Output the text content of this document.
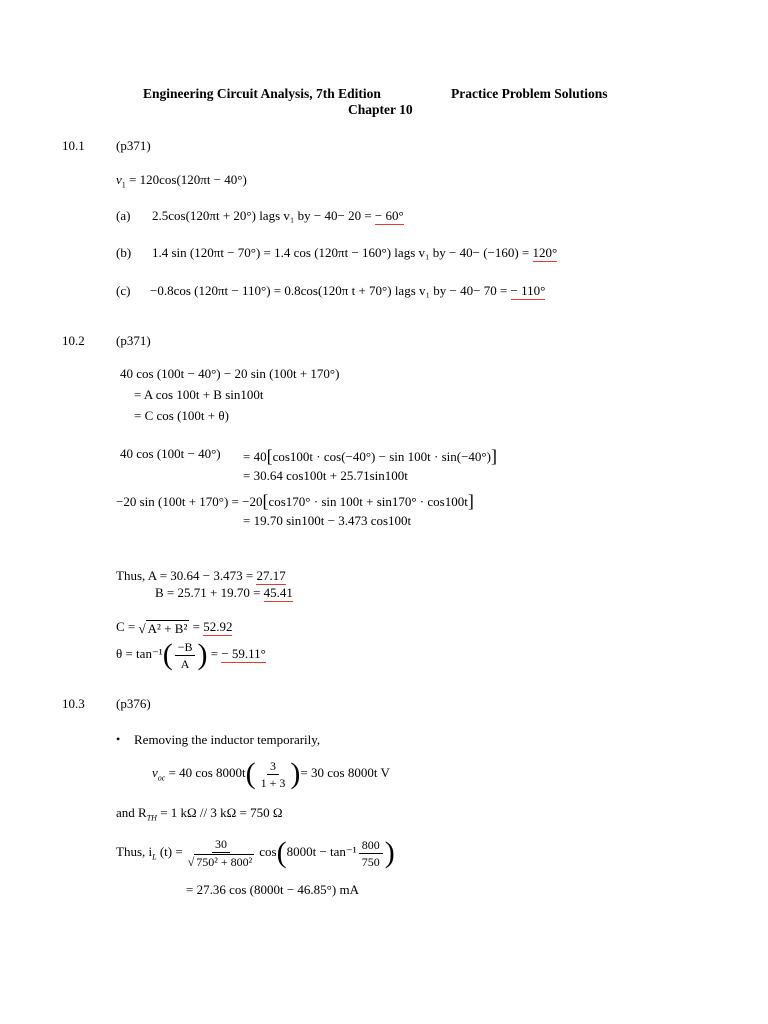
Engineering Circuit Analysis, 7th Edition	Practice Problem Solutions
Chapter 10
10.1 (p371)
$v_1 = 120\cos(120\pi t - 40^\circ)$
(a) 2.5cos(120πt + 20°) lags v₁ by − 40− 20 = − 60°
(b) 1.4 sin (120πt − 70°) = 1.4 cos (120πt − 160°) lags v₁ by − 40− (−160) = 120°
(c) −0.8cos (120πt − 110°) = 0.8cos(120π t + 70°) lags v₁ by − 40− 70 = − 110°
10.2 (p371)
40 cos (100t − 40°) − 20 sin (100t + 170°)
= A cos 100t + B sin100t
= C cos (100t + θ)
40 cos (100t − 40°) = 40[cos100t · cos(−40°) − sin 100t · sin(−40°)]
= 30.64 cos100t + 25.71sin100t
−20 sin (100t + 170°) = −20[cos170° · sin 100t + sin170° · cos100t]
= 19.70 sin100t − 3.473 cos100t
Thus, A = 30.64 − 3.473 = 27.17
B = 25.71 + 19.70 = 45.41
C = √ A² + B² = 52.92
$\theta = \tan^{-1}( \frac{-B}{A}$ ) = − 59.11°
10.3 (p376)
• Removing the inductor temporarily,
$v_{oc} = 40$ $\cos 8000t( \frac{3}{1 + 3}$ )= 30 cos 8000t V
and $R_{TH} = 1$ kΩ // 3 kΩ = 750 Ω
Thus, $i_L$ $(t) = \frac{30}{\text{√ 750² + 800²}} \cos(8000t - \tan^{-1} \frac{800}{750}$ )
= 27.36 cos (8000t − 46.85°) mA
